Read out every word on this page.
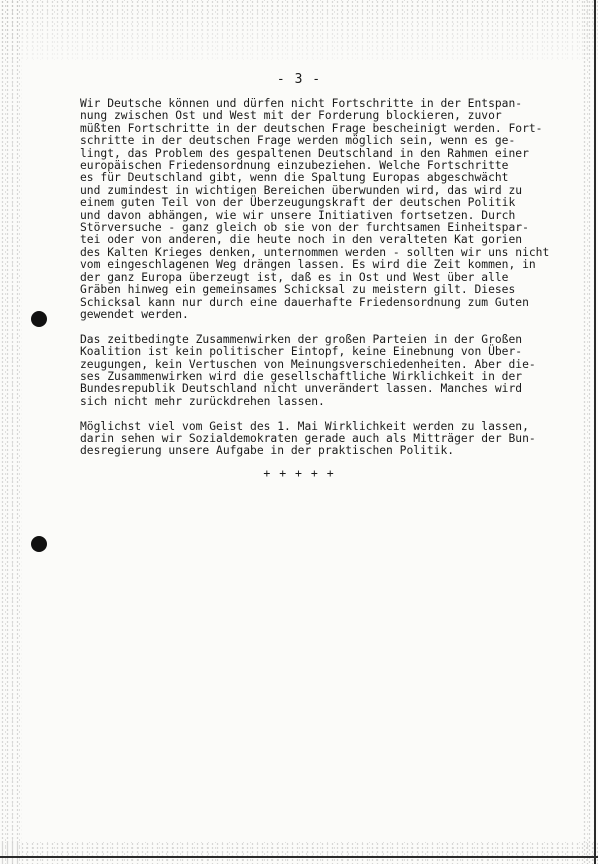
- 3 -
Wir Deutsche können und dürfen nicht Fortschritte in der Entspan-
nung zwischen Ost und West mit der Forderung blockieren, zuvor
müßten Fortschritte in der deutschen Frage bescheinigt werden. Fort-
schritte in der deutschen Frage werden möglich sein, wenn es ge-
lingt, das Problem des gespaltenen Deutschland in den Rahmen einer
europäischen Friedensordnung einzubeziehen. Welche Fortschritte
es für Deutschland gibt, wenn die Spaltung Europas abgeschwächt
und zumindest in wichtigen Bereichen überwunden wird, das wird zu
einem guten Teil von der Überzeugungskraft der deutschen Politik
und davon abhängen, wie wir unsere Initiativen fortsetzen. Durch
Störversuche - ganz gleich ob sie von der furchtsamen Einheitspar-
tei oder von anderen, die heute noch in den veralteten Kat gorien
des Kalten Krieges denken, unternommen werden - sollten wir uns nicht
vom eingeschlagenen Weg drängen lassen. Es wird die Zeit kommen, in
der ganz Europa überzeugt ist, daß es in Ost und West über alle
Gräben hinweg ein gemeinsames Schicksal zu meistern gilt. Dieses
Schicksal kann nur durch eine dauerhafte Friedensordnung zum Guten
gewendet werden.
Das zeitbedingte Zusammenwirken der großen Parteien in der Großen
Koalition ist kein politischer Eintopf, keine Einebnung von Über-
zeugungen, kein Vertuschen von Meinungsverschiedenheiten. Aber die-
ses Zusammenwirken wird die gesellschaftliche Wirklichkeit in der
Bundesrepublik Deutschland nicht unverändert lassen. Manches wird
sich nicht mehr zurückdrehen lassen.
Möglichst viel vom Geist des 1. Mai Wirklichkeit werden zu lassen,
darin sehen wir Sozialdemokraten gerade auch als Mitträger der Bun-
desregierung unsere Aufgabe in der praktischen Politik.
+ + + + +
